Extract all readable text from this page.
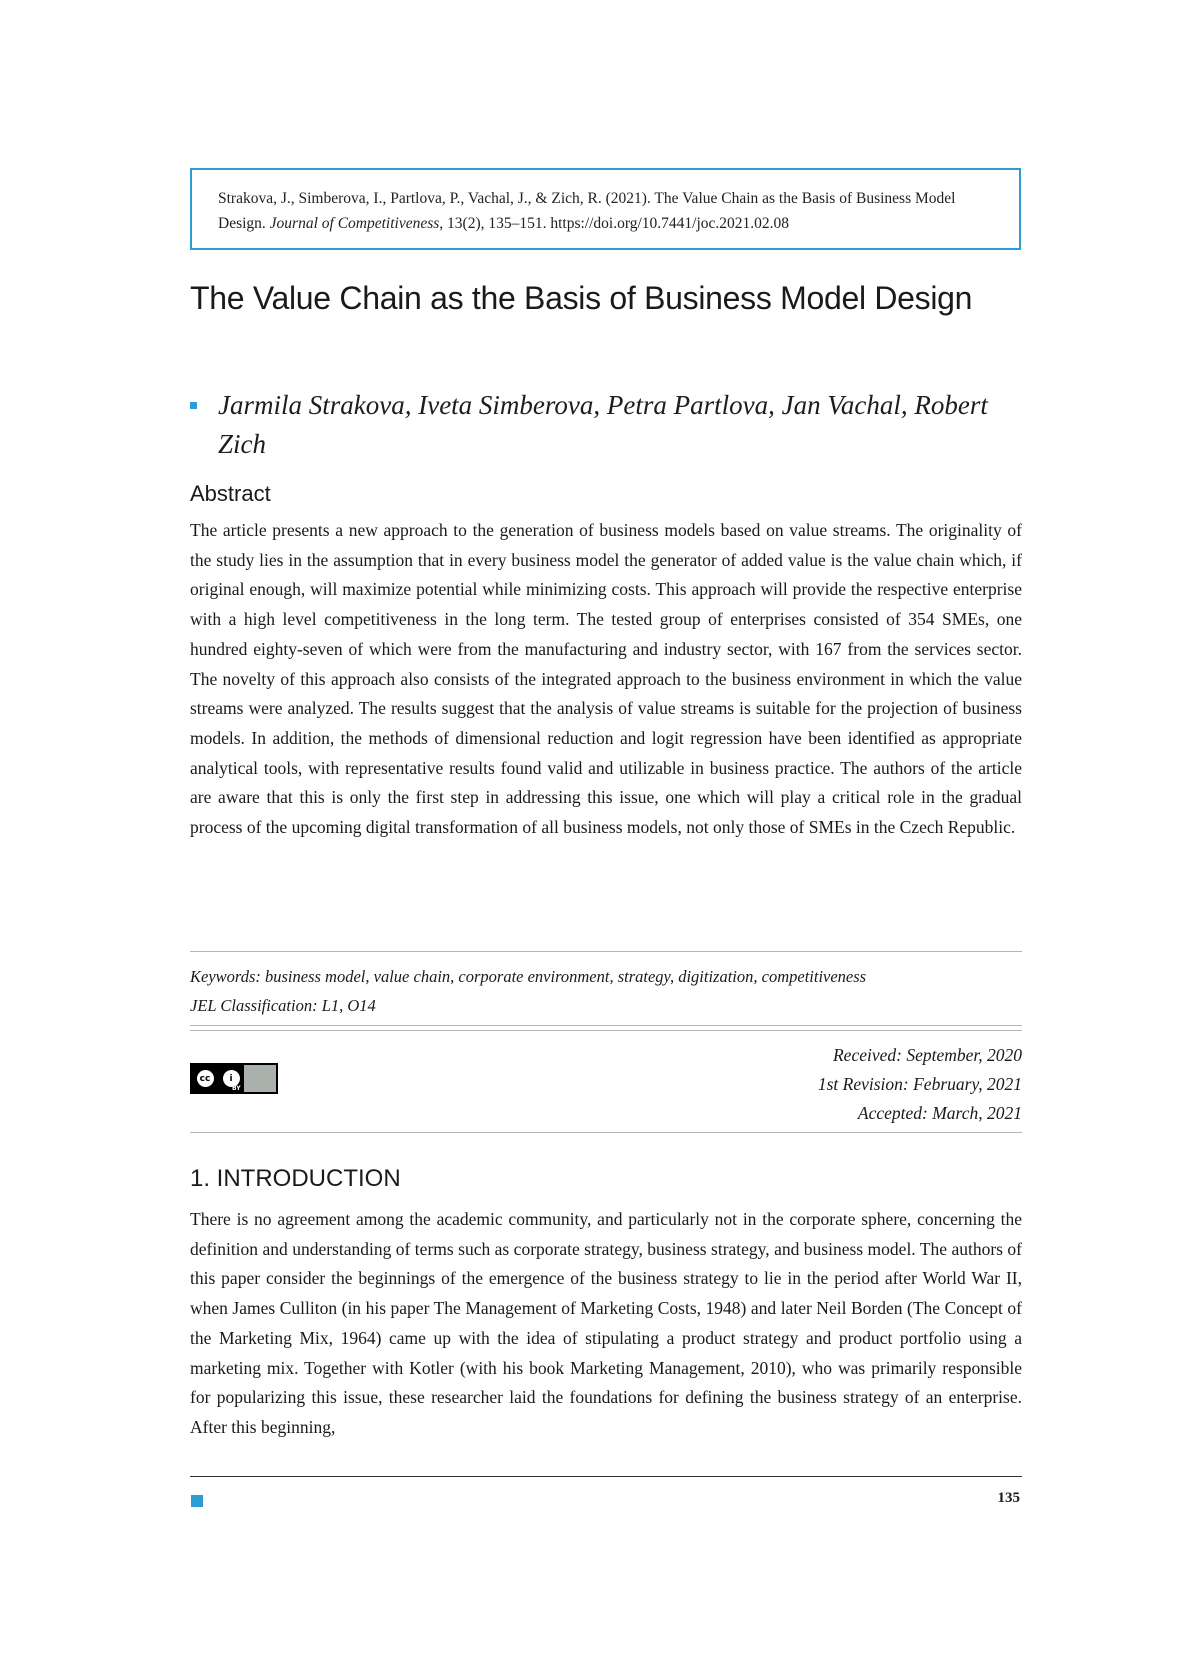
Strakova, J., Simberova, I., Partlova, P., Vachal, J., & Zich, R. (2021). The Value Chain as the Basis of Business Model Design. Journal of Competitiveness, 13(2), 135–151. https://doi.org/10.7441/joc.2021.02.08
The Value Chain as the Basis of Business Model Design
Jarmila Strakova, Iveta Simberova, Petra Partlova, Jan Vachal, Robert Zich
Abstract

The article presents a new approach to the generation of business models based on value streams. The originality of the study lies in the assumption that in every business model the generator of added value is the value chain which, if original enough, will maximize potential while minimizing costs. This approach will provide the respective enterprise with a high level competitiveness in the long term. The tested group of enterprises consisted of 354 SMEs, one hundred eighty-seven of which were from the manufacturing and industry sector, with 167 from the services sector. The novelty of this approach also consists of the integrated approach to the business environment in which the value streams were analyzed. The results suggest that the analysis of value streams is suitable for the projection of business models. In addition, the methods of dimensional reduction and logit regression have been identified as appropriate analytical tools, with representative results found valid and utilizable in business practice. The authors of the article are aware that this is only the first step in addressing this issue, one which will play a critical role in the gradual process of the upcoming digital transformation of all business models, not only those of SMEs in the Czech Republic.

Keywords: business model, value chain, corporate environment, strategy, digitization, competitiveness
JEL Classification: L1, O14
cc	i
BY
Received: September, 2020
1st Revision: February, 2021
Accepted: March, 2021
1. INTRODUCTION

There is no agreement among the academic community, and particularly not in the corporate sphere, concerning the definition and understanding of terms such as corporate strategy, business strategy, and business model. The authors of this paper consider the beginnings of the emergence of the business strategy to lie in the period after World War II, when James Culliton (in his paper The Management of Marketing Costs, 1948) and later Neil Borden (The Concept of the Marketing Mix, 1964) came up with the idea of stipulating a product strategy and product portfolio using a marketing mix. Together with Kotler (with his book Marketing Management, 2010), who was primarily responsible for popularizing this issue, these researcher laid the foundations for defining the business strategy of an enterprise. After this beginning,

135
